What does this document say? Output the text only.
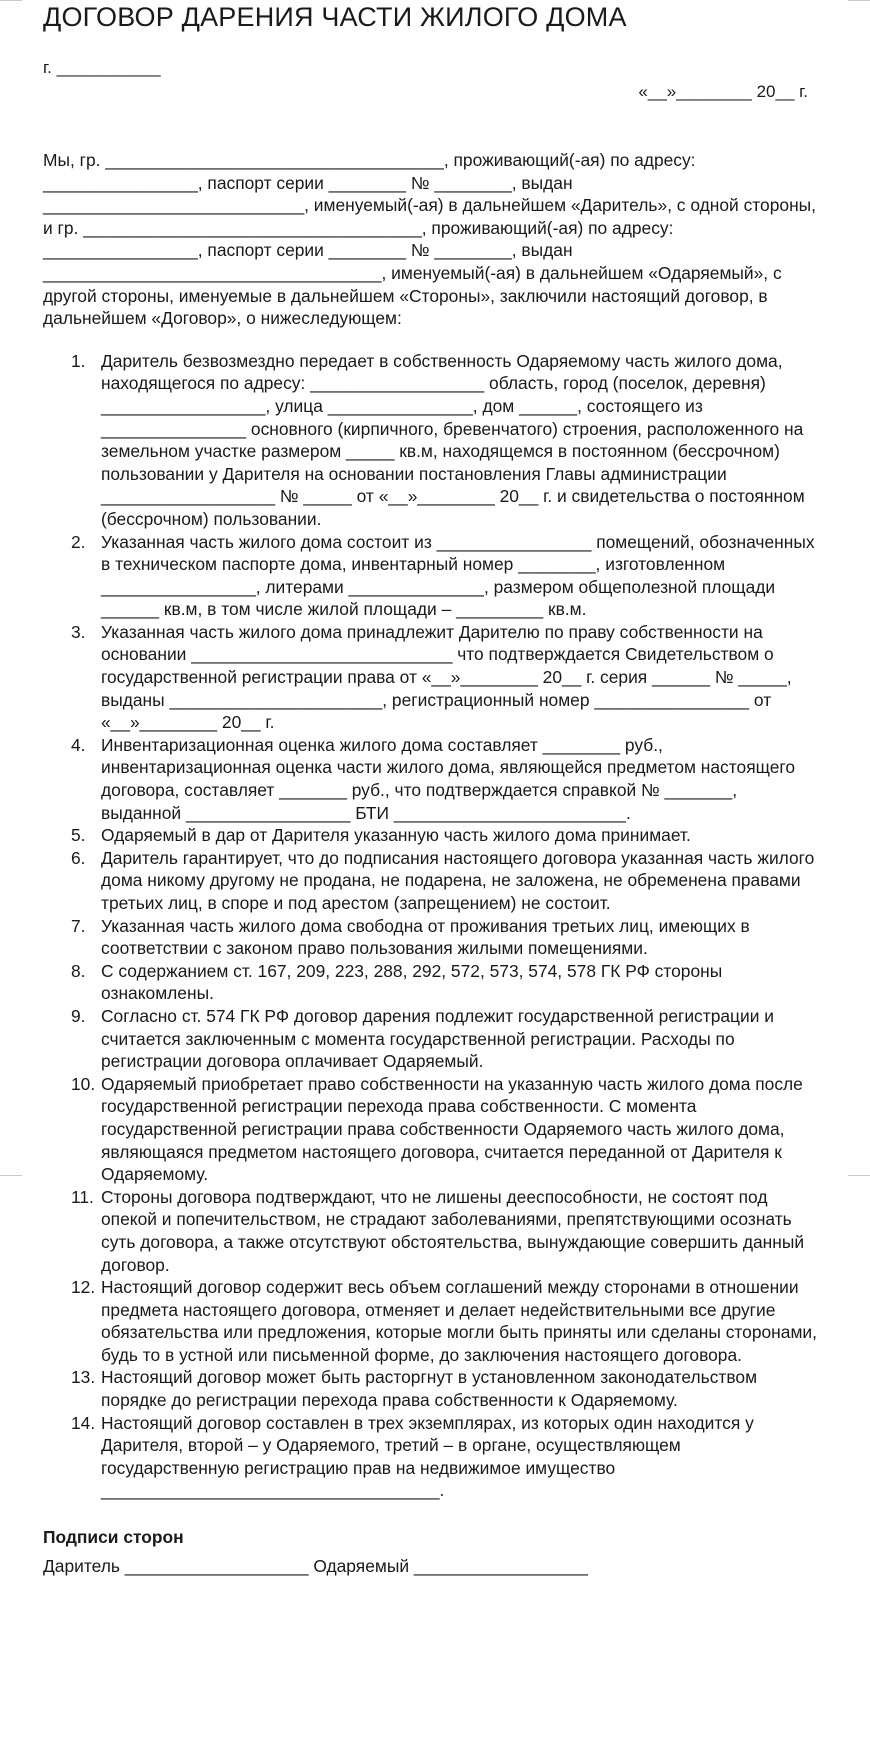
ДОГОВОР ДАРЕНИЯ ЧАСТИ ЖИЛОГО ДОМА
г. ___________
«__»________ 20__ г.

Мы, гр. ___________________________________, проживающий(-ая) по адресу: ________________, паспорт серии ________ № ________, выдан ___________________________, именуемый(-ая) в дальнейшем «Даритель», с одной стороны, и гр. ___________________________________, проживающий(-ая) по адресу: ________________, паспорт серии ________ № ________, выдан ___________________________________, именуемый(-ая) в дальнейшем «Одаряемый», с другой стороны, именуемые в дальнейшем «Стороны», заключили настоящий договор, в дальнейшем «Договор», о нижеследующем:

1. Даритель безвозмездно передает в собственность Одаряемому часть жилого дома, находящегося по адресу: __________________ область, город (поселок, деревня) _________________, улица _______________, дом ______, состоящего из _______________ основного (кирпичного, бревенчатого) строения, расположенного на земельном участке размером _____ кв.м, находящемся в постоянном (бессрочном) пользовании у Дарителя на основании постановления Главы администрации __________________ № _____ от «__»________ 20__ г. и свидетельства о постоянном (бессрочном) пользовании.
2. Указанная часть жилого дома состоит из ________________ помещений, обозначенных в техническом паспорте дома, инвентарный номер ________, изготовленном ________________, литерами ______________, размером общеполезной площади ______ кв.м, в том числе жилой площади – _________ кв.м.
3. Указанная часть жилого дома принадлежит Дарителю по праву собственности на основании ___________________________ что подтверждается Свидетельством о государственной регистрации права от «__»________ 20__ г. серия ______ № _____, выданы ______________________, регистрационный номер ________________ от «__»________ 20__ г.
4. Инвентаризационная оценка жилого дома составляет ________ руб., инвентаризационная оценка части жилого дома, являющейся предметом настоящего договора, составляет _______ руб., что подтверждается справкой № _______, выданной _________________ БТИ ________________________.
5. Одаряемый в дар от Дарителя указанную часть жилого дома принимает.
6. Даритель гарантирует, что до подписания настоящего договора указанная часть жилого дома никому другому не продана, не подарена, не заложена, не обременена правами третьих лиц, в споре и под арестом (запрещением) не состоит.
7. Указанная часть жилого дома свободна от проживания третьих лиц, имеющих в соответствии с законом право пользования жилыми помещениями.
8. С содержанием ст. 167, 209, 223, 288, 292, 572, 573, 574, 578 ГК РФ стороны ознакомлены.
9. Согласно ст. 574 ГК РФ договор дарения подлежит государственной регистрации и считается заключенным с момента государственной регистрации. Расходы по регистрации договора оплачивает Одаряемый.
10. Одаряемый приобретает право собственности на указанную часть жилого дома после государственной регистрации перехода права собственности. С момента государственной регистрации права собственности Одаряемого часть жилого дома, являющаяся предметом настоящего договора, считается переданной от Дарителя к Одаряемому.
11. Стороны договора подтверждают, что не лишены дееспособности, не состоят под опекой и попечительством, не страдают заболеваниями, препятствующими осознать суть договора, а также отсутствуют обстоятельства, вынуждающие совершить данный договор.
12. Настоящий договор содержит весь объем соглашений между сторонами в отношении предмета настоящего договора, отменяет и делает недействительными все другие обязательства или предложения, которые могли быть приняты или сделаны сторонами, будь то в устной или письменной форме, до заключения настоящего договора.
13. Настоящий договор может быть расторгнут в установленном законодательством порядке до регистрации перехода права собственности к Одаряемому.
14. Настоящий договор составлен в трех экземплярах, из которых один находится у Дарителя, второй – у Одаряемого, третий – в органе, осуществляющем государственную регистрацию прав на недвижимое имущество ___________________________________.

Подписи сторон

Даритель ___________________ Одаряемый __________________
